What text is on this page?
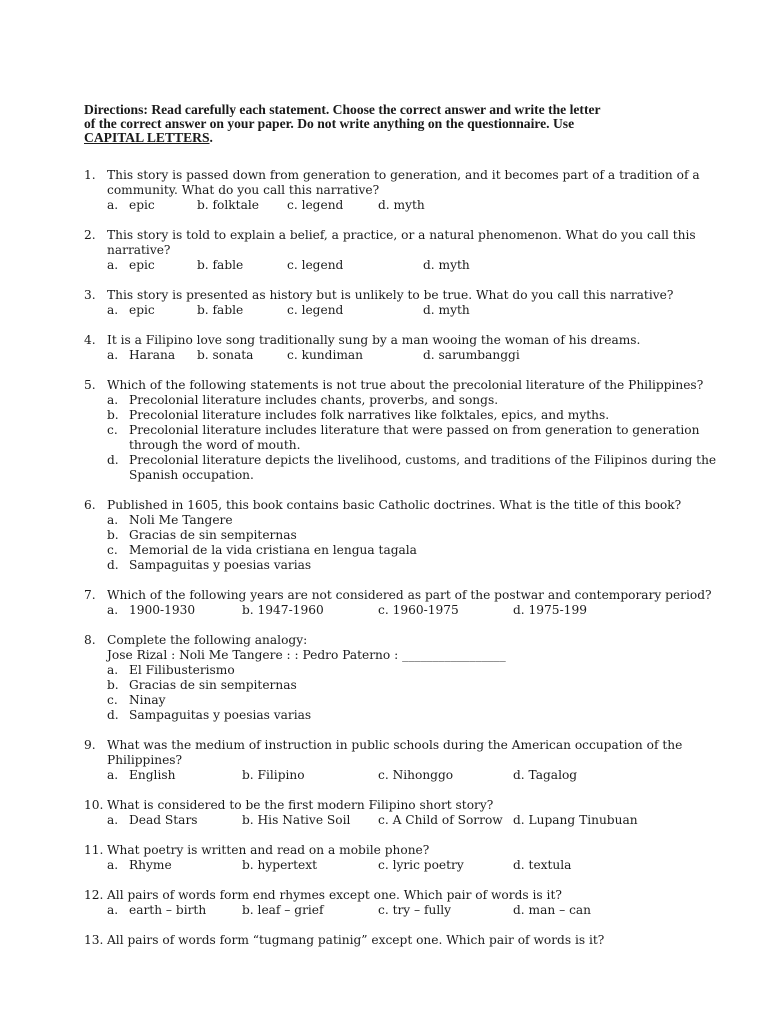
Directions: Read carefully each statement. Choose the correct answer and write the letter
of the correct answer on your paper. Do not write anything on the questionnaire. Use
CAPITAL LETTERS.
1. This story is passed down from generation to generation, and it becomes part of a tradition of a
community. What do you call this narrative?
a. epic	b. folktale c. legend	d. myth
2. This story is told to explain a belief, a practice, or a natural phenomenon. What do you call this
narrative?
a. epic	b. fable	c. legend	d. myth
3. This story is presented as history but is unlikely to be true. What do you call this narrative?
a. epic	b. fable	c. legend	d. myth
4. It is a Filipino love song traditionally sung by a man wooing the woman of his dreams.
a. Harana b. sonata	c. kundiman	d. sarumbanggi
5. Which of the following statements is not true about the precolonial literature of the Philippines?
a. Precolonial literature includes chants, proverbs, and songs.
b. Precolonial literature includes folk narratives like folktales, epics, and myths.
c. Precolonial literature includes literature that were passed on from generation to generation
through the word of mouth.
d. Precolonial literature depicts the livelihood, customs, and traditions of the Filipinos during the
Spanish occupation.
6. Published in 1605, this book contains basic Catholic doctrines. What is the title of this book?
a. Noli Me Tangere
b. Gracias de sin sempiternas
c. Memorial de la vida cristiana en lengua tagala
d. Sampaguitas y poesias varias
7. Which of the following years are not considered as part of the postwar and contemporary period?
a. 1900-1930	b. 1947-1960	c. 1960-1975	d. 1975-199
8. Complete the following analogy:
Jose Rizal : Noli Me Tangere : : Pedro Paterno : _________________
a. El Filibusterismo
b. Gracias de sin sempiternas
c. Ninay
d. Sampaguitas y poesias varias
9. What was the medium of instruction in public schools during the American occupation of the
Philippines?
a. English	b. Filipino	c. Nihonggo	d. Tagalog
10. What is considered to be the first modern Filipino short story?
a. Dead Stars	b. His Native Soil c. A Child of Sorrow d. Lupang Tinubuan
11. What poetry is written and read on a mobile phone?
a. Rhyme	b. hypertext	c. lyric poetry	d. textula
12. All pairs of words form end rhymes except one. Which pair of words is it?
a. earth – birth	b. leaf – grief	c. try – fully	d. man – can
13. All pairs of words form “tugmang patinig” except one. Which pair of words is it?
